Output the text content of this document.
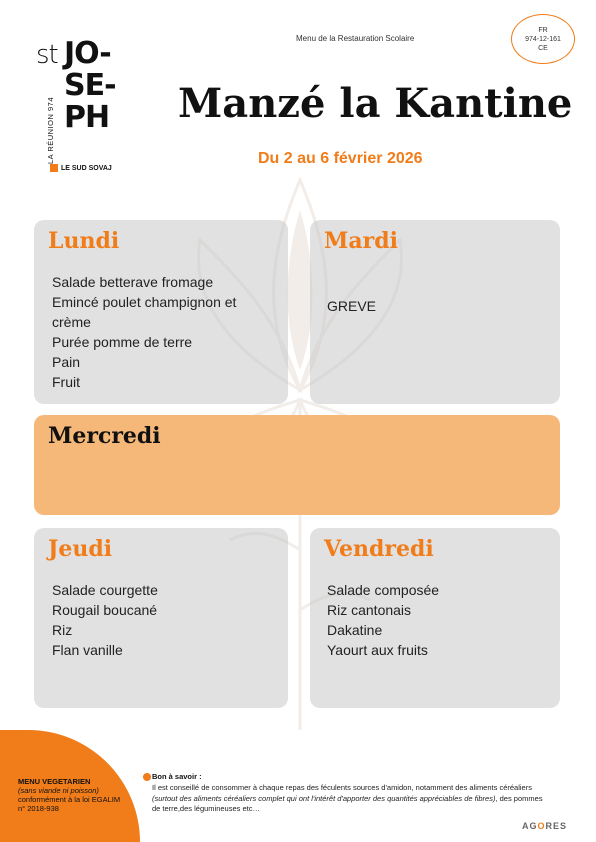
st JO-
SE-
PH
LA RÉUNION 974
LE SUD SOVAJ
Menu de la Restauration Scolaire
FR
974-12-161
CE
Manzé la Kantine
Du 2 au 6 février 2026
Lundi
Salade betterave fromage
Emincé poulet champignon et crème
Purée pomme de terre
Pain
Fruit
Mardi
GREVE
Mercredi
Jeudi
Salade courgette
Rougail boucané
Riz
Flan vanille
Vendredi
Salade composée
Riz cantonais
Dakatine
Yaourt aux fruits
MENU VEGETARIEN
(sans viande ni poisson)
conformément à la loi EGALIM n° 2018-938
Bon à savoir :
Il est conseillé de consommer à chaque repas des féculents sources d'amidon, notamment des aliments céréaliers (surtout des aliments céréaliers complet qui ont l'intérêt d'apporter des quantités appréciables de fibres), des pommes de terre,des légumineuses etc…
AGORES
